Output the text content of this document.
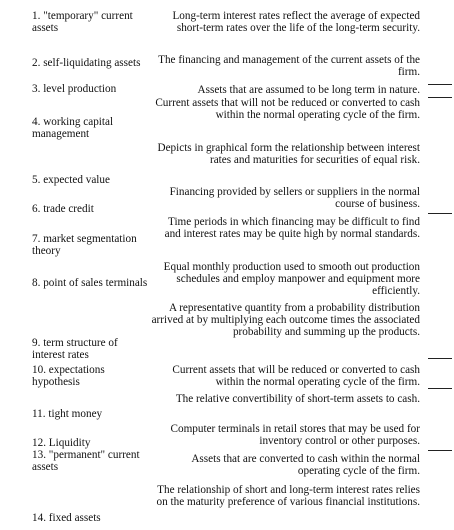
1. "temporary" current assets
2. self-liquidating assets
3. level production
4. working capital management
5. expected value
6. trade credit
7. market segmentation theory
8. point of sales terminals
9. term structure of interest rates
10. expectations hypothesis
11. tight money
12. Liquidity
13. "permanent" current assets
14. fixed assets
Long-term interest rates reflect the average of expected short-term rates over the life of the long-term security.
The financing and management of the current assets of the firm.
Assets that are assumed to be long term in nature.
Current assets that will not be reduced or converted to cash within the normal operating cycle of the firm.
Depicts in graphical form the relationship between interest rates and maturities for securities of equal risk.
Financing provided by sellers or suppliers in the normal course of business.
Time periods in which financing may be difficult to find and interest rates may be quite high by normal standards.
Equal monthly production used to smooth out production schedules and employ manpower and equipment more efficiently.
A representative quantity from a probability distribution arrived at by multiplying each outcome times the associated probability and summing up the products.
Current assets that will be reduced or converted to cash within the normal operating cycle of the firm.
The relative convertibility of short-term assets to cash.
Computer terminals in retail stores that may be used for inventory control or other purposes.
Assets that are converted to cash within the normal operating cycle of the firm.
The relationship of short and long-term interest rates relies on the maturity preference of various financial institutions.
